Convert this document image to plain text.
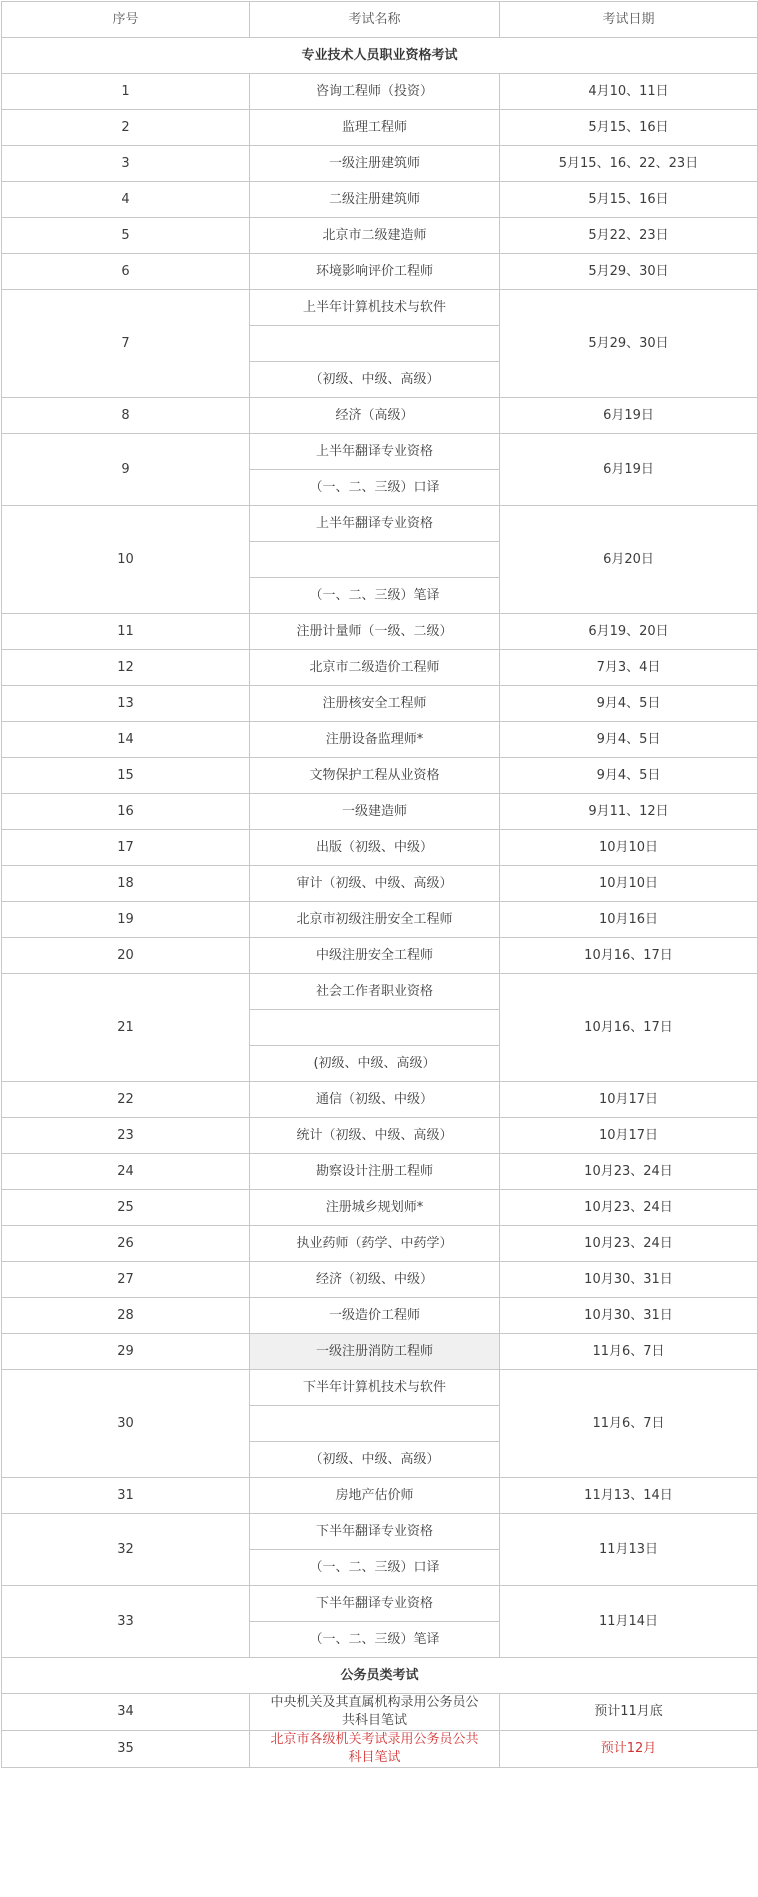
序号	考试名称	考试日期
专业技术人员职业资格考试		
1	咨询工程师（投资）	4月10、11日
2	监理工程师	5月15、16日
3	一级注册建筑师	5月15、16、22、23日
4	二级注册建筑师	5月15、16日
5	北京市二级建造师	5月22、23日
6	环境影响评价工程师	5月29、30日
7	上半年计算机技术与软件	5月29、30日

	（初级、中级、高级）	
8	经济（高级）	6月19日
9	上半年翻译专业资格	6月19日
	（一、二、三级）口译	
10	上半年翻译专业资格	6月20日

	（一、二、三级）笔译	
11	注册计量师（一级、二级）	6月19、20日
12	北京市二级造价工程师	7月3、4日
13	注册核安全工程师	9月4、5日
14	注册设备监理师*	9月4、5日
15	文物保护工程从业资格	9月4、5日
16	一级建造师	9月11、12日
17	出版（初级、中级）	10月10日
18	审计（初级、中级、高级）	10月10日
19	北京市初级注册安全工程师	10月16日
20	中级注册安全工程师	10月16、17日
21	社会工作者职业资格	10月16、17日

	(初级、中级、高级）	
22	通信（初级、中级）	10月17日
23	统计（初级、中级、高级）	10月17日
24	勘察设计注册工程师	10月23、24日
25	注册城乡规划师*	10月23、24日
26	执业药师（药学、中药学）	10月23、24日
27	经济（初级、中级）	10月30、31日
28	一级造价工程师	10月30、31日
29	一级注册消防工程师	11月6、7日
30	下半年计算机技术与软件	11月6、7日

	（初级、中级、高级）	
31	房地产估价师	11月13、14日
32	下半年翻译专业资格	11月13日
	（一、二、三级）口译	
33	下半年翻译专业资格	11月14日
	（一、二、三级）笔译	
公务员类考试		
34	中央机关及其直属机构录用公务员公
共科目笔试	预计11月底
35	北京市各级机关考试录用公务员公共
科目笔试	预计12月
